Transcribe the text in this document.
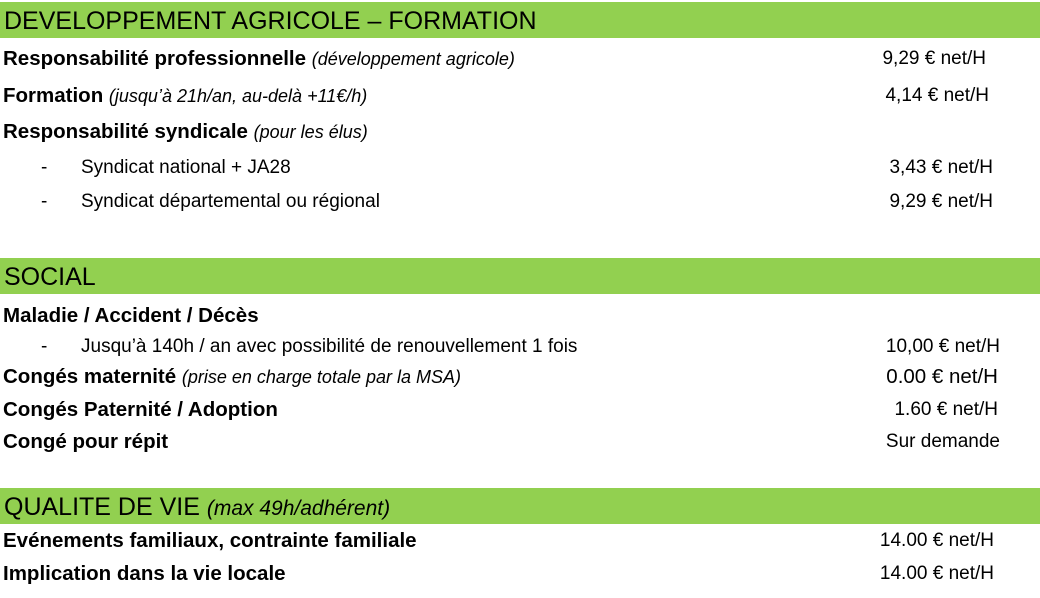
DEVELOPPEMENT AGRICOLE – FORMATION
Responsabilité professionnelle (développement agricole)	9,29 € net/H
Formation (jusqu’à 21h/an, au-delà +11€/h)	4,14 € net/H
Responsabilité syndicale (pour les élus)
- Syndicat national + JA28	3,43 € net/H
- Syndicat départemental ou régional	9,29 € net/H
SOCIAL
Maladie / Accident / Décès
- Jusqu’à 140h / an avec possibilité de renouvellement 1 fois	10,00 € net/H
Congés maternité (prise en charge totale par la MSA)	0.00 € net/H
Congés Paternité / Adoption	1.60 € net/H
Congé pour répit	Sur demande
QUALITE DE VIE (max 49h/adhérent)
Evénements familiaux, contrainte familiale	14.00 € net/H
Implication dans la vie locale	14.00 € net/H
